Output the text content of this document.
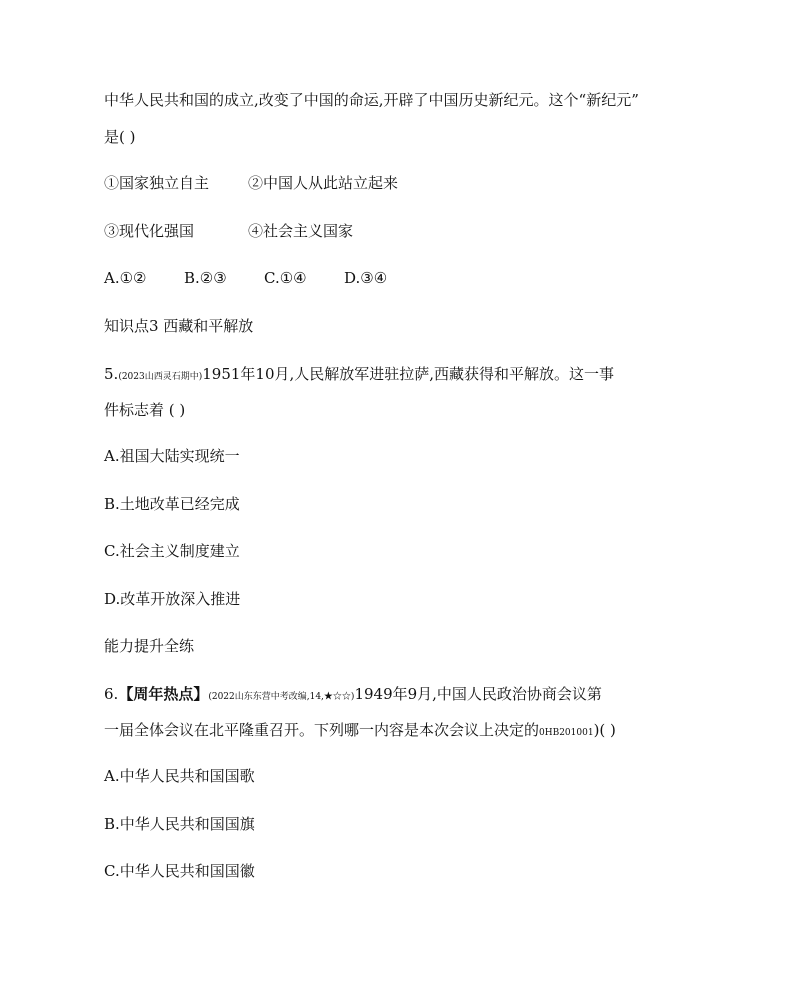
中华人民共和国的成立,改变了中国的命运,开辟了中国历史新纪元。这个“新纪元”
是( )
①国家独立自主	②中国人从此站立起来
③现代化强国	④社会主义国家
A.①②	B.②③ C.①④ D.③④
知识点3 西藏和平解放
5.(2023山西灵石期中)1951年10月,人民解放军进驻拉萨,西藏获得和平解放。这一事
件标志着 ( )
A.祖国大陆实现统一
B.土地改革已经完成
C.社会主义制度建立
D.改革开放深入推进
能力提升全练
6.【周年热点】(2022山东东营中考改编,14,★☆☆)1949年9月,中国人民政治协商会议第
一届全体会议在北平隆重召开。下列哪一内容是本次会议上决定的0HB201001)( )
A.中华人民共和国国歌
B.中华人民共和国国旗
C.中华人民共和国国徽
